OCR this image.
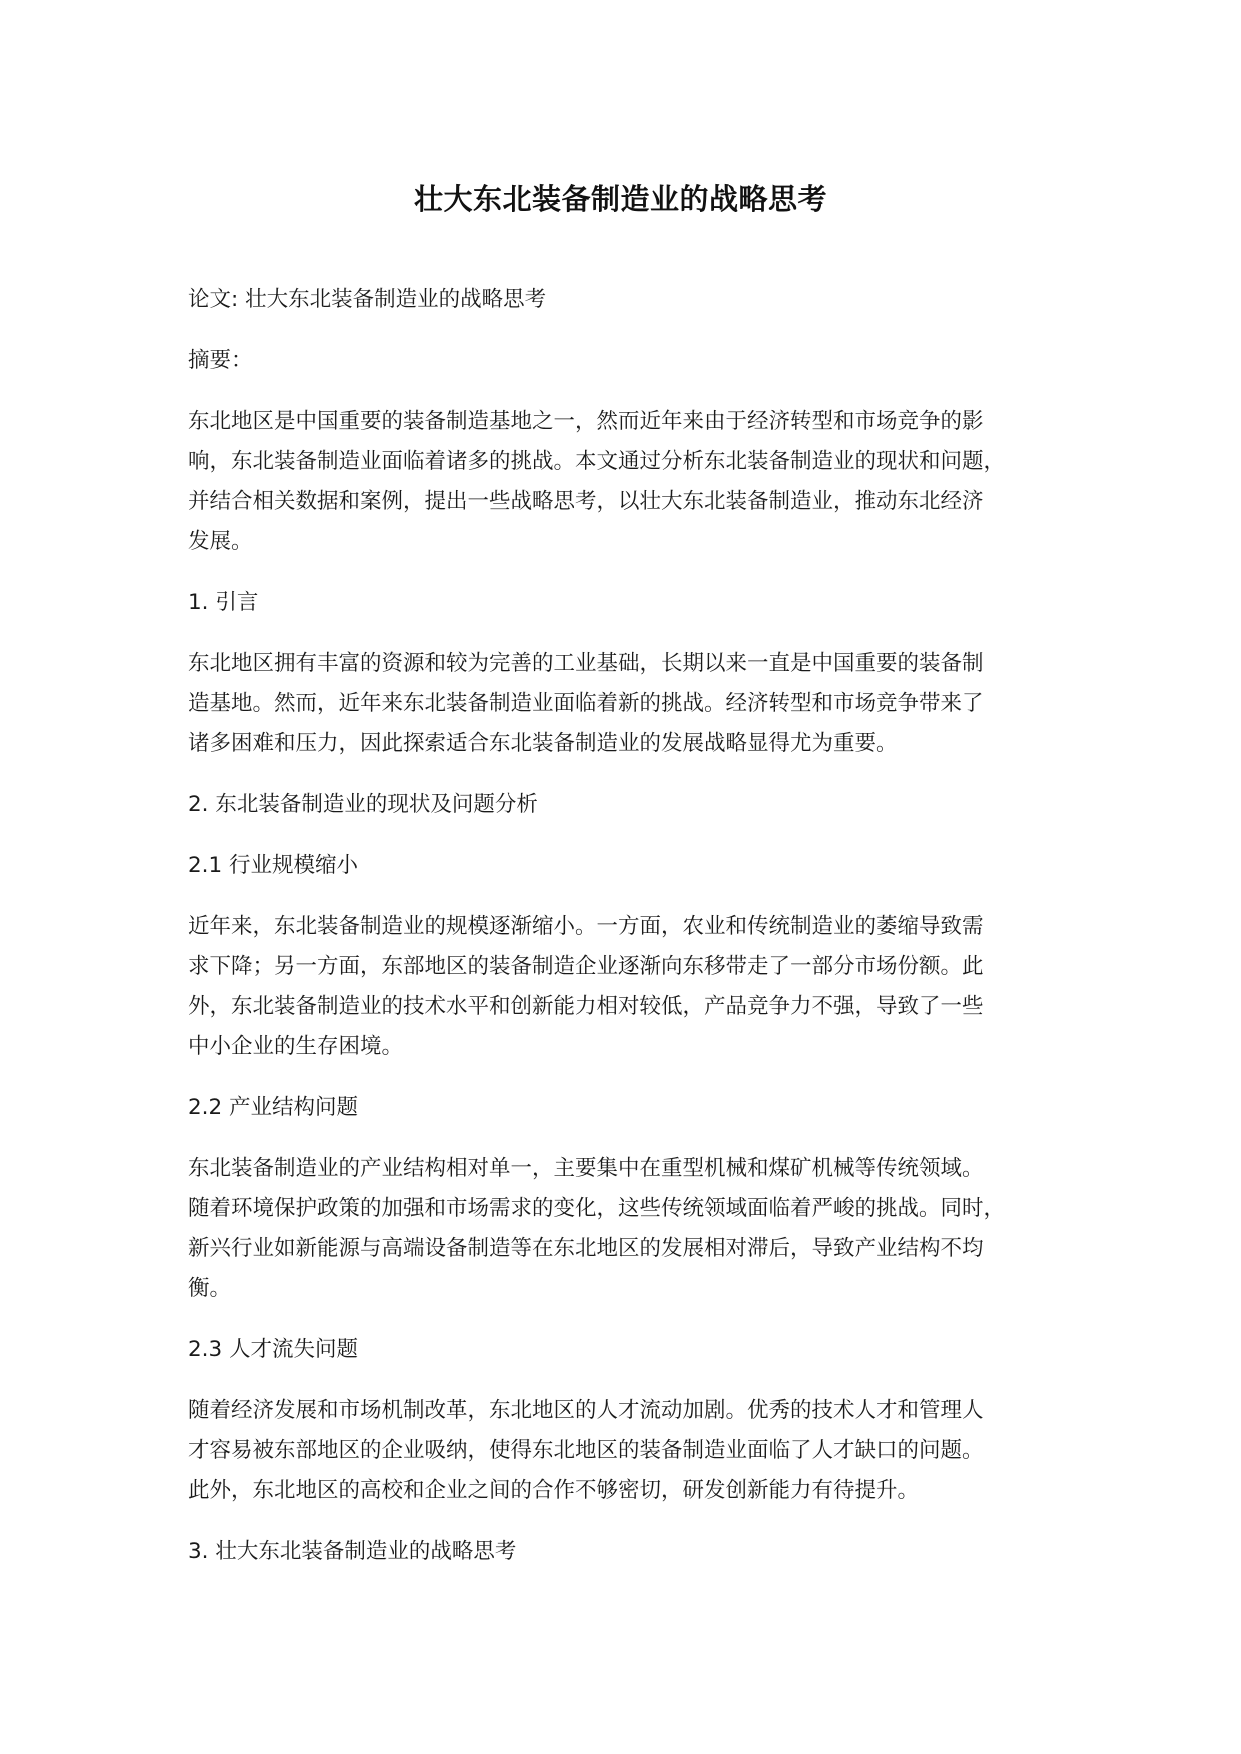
壮大东北装备制造业的战略思考

论文: 壮大东北装备制造业的战略思考

摘要：

东北地区是中国重要的装备制造基地之一，然而近年来由于经济转型和市场竞争的影
响，东北装备制造业面临着诸多的挑战。本文通过分析东北装备制造业的现状和问题，
并结合相关数据和案例，提出一些战略思考，以壮大东北装备制造业，推动东北经济
发展。

1. 引言

东北地区拥有丰富的资源和较为完善的工业基础，长期以来一直是中国重要的装备制
造基地。然而，近年来东北装备制造业面临着新的挑战。经济转型和市场竞争带来了
诸多困难和压力，因此探索适合东北装备制造业的发展战略显得尤为重要。

2. 东北装备制造业的现状及问题分析

2.1 行业规模缩小

近年来，东北装备制造业的规模逐渐缩小。一方面，农业和传统制造业的萎缩导致需
求下降；另一方面，东部地区的装备制造企业逐渐向东移带走了一部分市场份额。此
外，东北装备制造业的技术水平和创新能力相对较低，产品竞争力不强，导致了一些
中小企业的生存困境。

2.2 产业结构问题

东北装备制造业的产业结构相对单一，主要集中在重型机械和煤矿机械等传统领域。
随着环境保护政策的加强和市场需求的变化，这些传统领域面临着严峻的挑战。同时，
新兴行业如新能源与高端设备制造等在东北地区的发展相对滞后，导致产业结构不均
衡。

2.3 人才流失问题

随着经济发展和市场机制改革，东北地区的人才流动加剧。优秀的技术人才和管理人
才容易被东部地区的企业吸纳，使得东北地区的装备制造业面临了人才缺口的问题。
此外，东北地区的高校和企业之间的合作不够密切，研发创新能力有待提升。

3. 壮大东北装备制造业的战略思考
